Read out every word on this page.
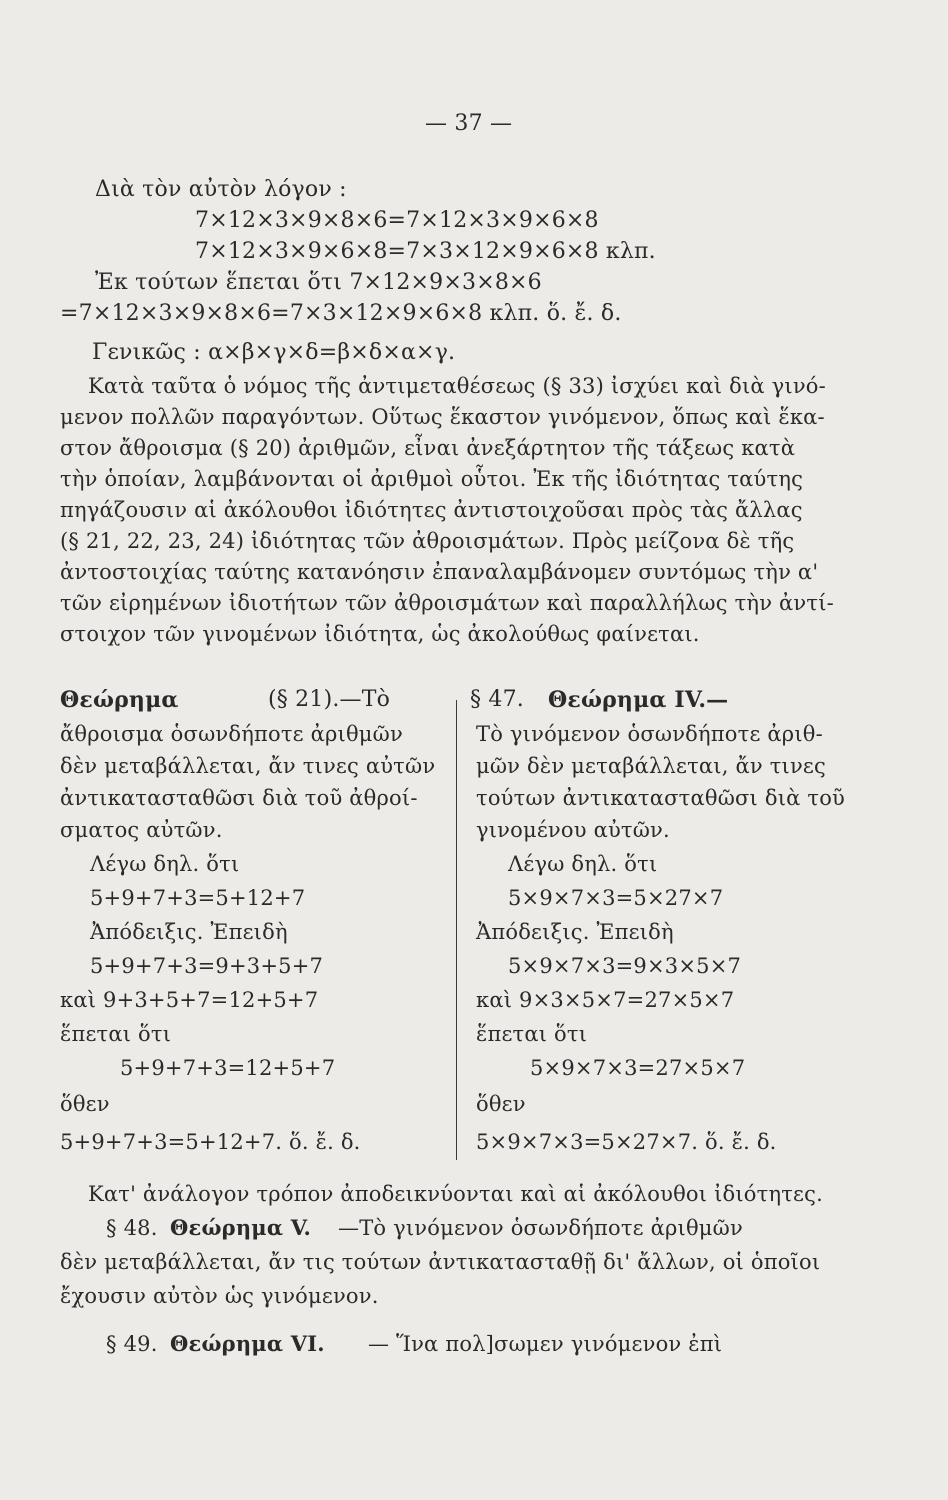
— 37 —
Διὰ τὸν αὐτὸν λόγον :
7×12×3×9×8×6=7×12×3×9×6×8
7×12×3×9×6×8=7×3×12×9×6×8 κλπ.
Ἐκ τούτων ἕπεται ὅτι 7×12×9×3×8×6
=7×12×3×9×8×6=7×3×12×9×6×8 κλπ. ὅ. ἔ. δ.
Γενικῶς : α×β×γ×δ=β×δ×α×γ.
Κατὰ ταῦτα ὁ νόμος τῆς ἀντιμεταθέσεως (§ 33) ἰσχύει καὶ διὰ γινό-
μενον πολλῶν παραγόντων. Οὕτως ἕκαστον γινόμενον, ὅπως καὶ ἕκα-
στον ἄθροισμα (§ 20) ἀριθμῶν, εἶναι ἀνεξάρτητον τῆς τάξεως κατὰ
τὴν ὁποίαν, λαμβάνονται οἱ ἀριθμοὶ οὗτοι. Ἐκ τῆς ἰδιότητας ταύτης
πηγάζουσιν αἱ ἀκόλουθοι ἰδιότητες ἀντιστοιχοῦσαι πρὸς τὰς ἄλλας
(§ 21, 22, 23, 24) ἰδιότητας τῶν ἀθροισμάτων. Πρὸς μείζονα δὲ τῆς
ἀντοστοιχίας ταύτης κατανόησιν ἐπαναλαμβάνομεν συντόμως τὴν α'
τῶν εἰρημένων ἰδιοτήτων τῶν ἀθροισμάτων καὶ παραλλήλως τὴν ἀντί-
στοιχον τῶν γινομένων ἰδιότητα, ὡς ἀκολούθως φαίνεται.
Θεώρημα	(§ 21).—Τὸ
ἄθροισμα ὁσωνδήποτε ἀριθμῶν
δὲν μεταβάλλεται, ἄν τινες αὐτῶν
ἀντικατασταθῶσι διὰ τοῦ ἀθροί-
σματος αὐτῶν.
Λέγω δηλ. ὅτι
5+9+7+3=5+12+7
Ἀπόδειξις. Ἐπειδὴ
5+9+7+3=9+3+5+7
καὶ 9+3+5+7=12+5+7
ἕπεται ὅτι
5+9+7+3=12+5+7
ὅθεν
5+9+7+3=5+12+7. ὅ. ἔ. δ.
§ 47. Θεώρημα IV.—
Τὸ γινόμενον ὁσωνδήποτε ἀριθ-
μῶν δὲν μεταβάλλεται, ἄν τινες
τούτων ἀντικατασταθῶσι διὰ τοῦ
γινομένου αὐτῶν.
Λέγω δηλ. ὅτι
5×9×7×3=5×27×7
Ἀπόδειξις. Ἐπειδὴ
5×9×7×3=9×3×5×7
καὶ 9×3×5×7=27×5×7
ἕπεται ὅτι
5×9×7×3=27×5×7
ὅθεν
5×9×7×3=5×27×7. ὅ. ἔ. δ.
Κατ' ἀνάλογον τρόπον ἀποδεικνύονται καὶ αἱ ἀκόλουθοι ἰδιότητες.
§ 48. Θεώρημα V. —Τὸ γινόμενον ὁσωνδήποτε ἀριθμῶν
δὲν μεταβάλλεται, ἄν τις τούτων ἀντικατασταθῇ δι' ἄλλων, οἱ ὁποῖοι
ἔχουσιν αὐτὸν ὡς γινόμενον.
§ 49. Θεώρημα VI. — Ἵνα πολ]σωμεν γινόμενον ἐπὶ
